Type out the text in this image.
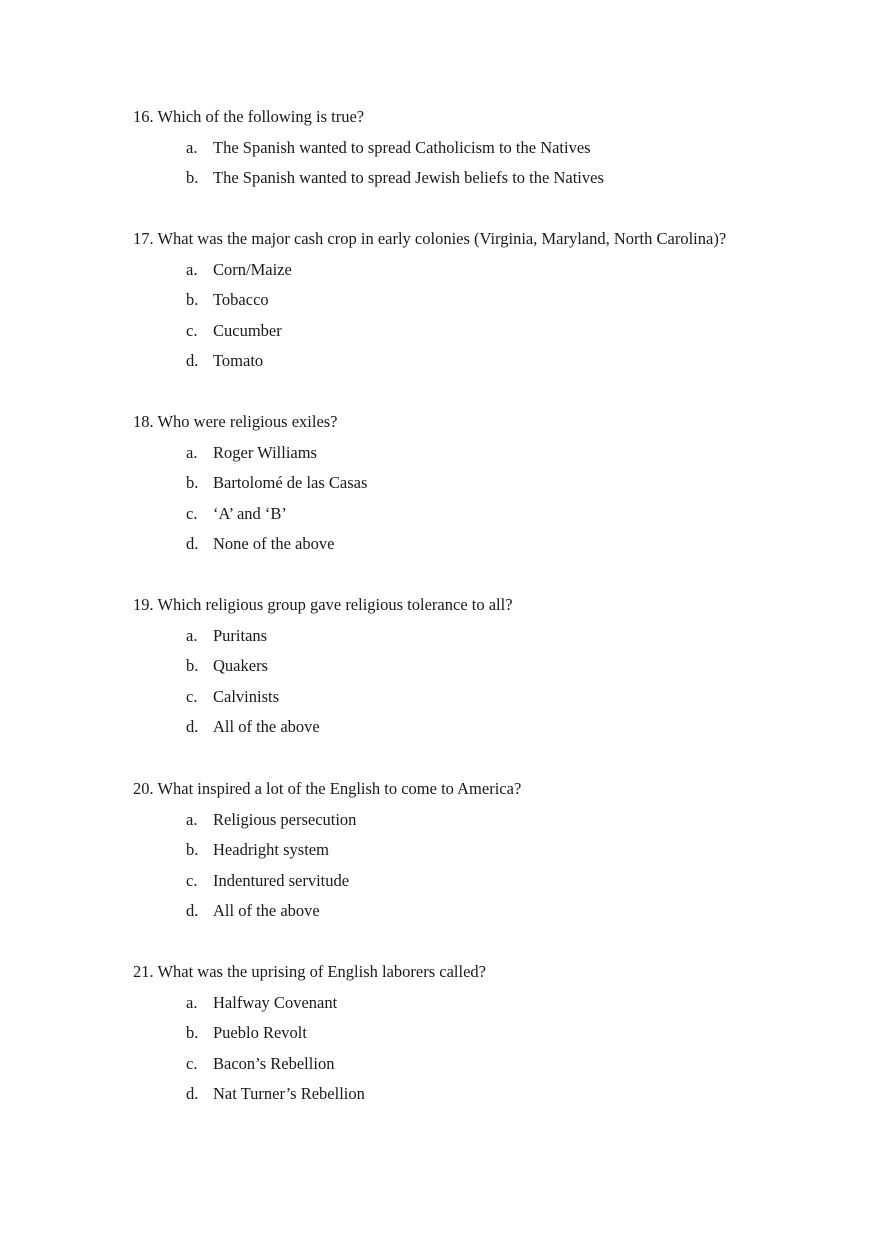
16. Which of the following is true?
a. The Spanish wanted to spread Catholicism to the Natives
b. The Spanish wanted to spread Jewish beliefs to the Natives
17. What was the major cash crop in early colonies (Virginia, Maryland, North Carolina)?
a. Corn/Maize
b. Tobacco
c. Cucumber
d. Tomato
18. Who were religious exiles?
a. Roger Williams
b. Bartolomé de las Casas
c. ‘A’ and ‘B’
d. None of the above
19. Which religious group gave religious tolerance to all?
a. Puritans
b. Quakers
c. Calvinists
d. All of the above
20. What inspired a lot of the English to come to America?
a. Religious persecution
b. Headright system
c. Indentured servitude
d. All of the above
21. What was the uprising of English laborers called?
a. Halfway Covenant
b. Pueblo Revolt
c. Bacon’s Rebellion
d. Nat Turner’s Rebellion
